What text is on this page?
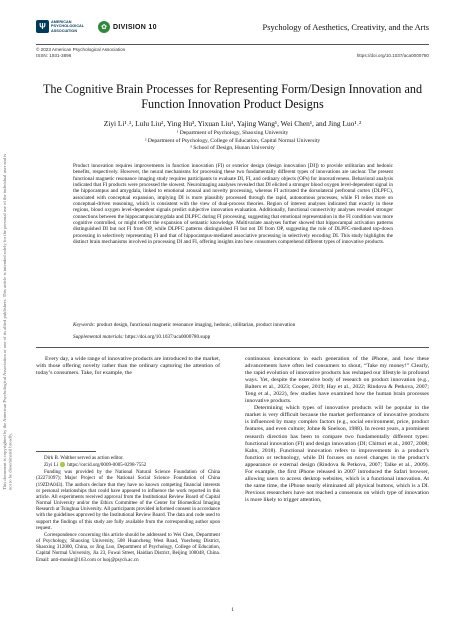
This document is copyrighted by the American Psychological Association or one of its allied publishers. This article is intended solely for the personal use of the individual user and is not to be disseminated broadly.
Ψ	AMERICAN PSYCHOLOGICAL ASSOCIATION	✿ DIVISION 10	Psychology of Aesthetics, Creativity, and the Arts
© 2023 American Psychological Association
ISSN: 1931-3896	https://doi.org/10.1037/aca0000780
The Cognitive Brain Processes for Representing Form/Design Innovation and Function Innovation Product Designs
Ziyi Li¹˒², Lulu Liu², Ying Hu³, Yixuan Liu¹, Yajing Wang¹, Wei Chen¹, and Jing Luo¹˒²
¹ Department of Psychology, Shaoxing University
² Department of Psychology, College of Education, Capital Normal University
³ School of Design, Hunan University
Product innovation requires improvements in function innovation (FI) or exterior design (design innovation [DI]) to provide utilitarian and hedonic benefits, respectively. However, the neural mechanisms for processing these two fundamentally different types of innovations are unclear. The present functional magnetic resonance imaging study requires participants to evaluate DI, FI, and ordinary objects (OPs) for innovativeness. Behavioral analysis indicated that FI products were processed the slowest. Neuroimaging analyses revealed that DI elicited a stronger blood oxygen level-dependent signal in the hippocampus and amygdala, linked to emotional arousal and novelty processing, whereas FI activated the dorsolateral prefrontal cortex (DLPFC), associated with conceptual expansion, implying DI is more plausibly processed through the rapid, autonomous processes, while FI relies more on conceptual-driven reasoning, which is consistent with the view of dual-process theories. Region of interest analyses indicated that exactly in these regions, blood oxygen level-dependent signals predict subjective innovation evaluation. Additionally, functional connectivity analyses revealed stronger connections between the hippocampus/amygdala and DLPFC during FI processing, suggesting that emotional representation in the FI condition was more cognitive controlled, or might reflect the expansion of semantic knowledge. Multivariate analyses further showed that hippocampal activation patterns distinguished DI but not FI from OP, while DLPFC patterns distinguished FI but not DI from OP, suggesting the role of DLPFC-mediated top-down processing in selectively representing FI and that of hippocampus-mediated associative processing in selectively encoding DI. This study highlights the distinct brain mechanisms involved in processing DI and FI, offering insights into how consumers comprehend different types of innovative products.
Keywords: product design, functional magnetic resonance imaging, hedonic, utilitarian, product innovation
Supplemental materials: https://doi.org/10.1037/aca0000780.supp

Every day, a wide range of innovative products are introduced to the market, with those offering novelty rather than the ordinary capturing the attention of today’s consumers. Take, for example, the

Dirk B. Walther served as action editor.

Ziyi Li https://orcid.org/0009-0005-0298-7552

Funding was provided by the National Natural Science Foundation of China (32271097); Major Project of the National Social Science Foundation of China (19ZDA043). The authors declare that they have no known competing financial interests or personal relationships that could have appeared to influence the work reported in this article. All experiments received approval from the Institutional Review Board of Capital Normal University and/or the Ethics Committee of the Center for Biomedical Imaging Research at Tsinghua University. All participants provided informed consent in accordance with the guidelines approved by the Institutional Review Board. The data and code used to support the findings of this study are fully available from the corresponding author upon request.

Correspondence concerning this article should be addressed to Wei Chen, Department of Psychology, Shaoxing University, 508 Huancheng West Road, Yuecheng District, Shaoxing 312000, China, or Jing Luo, Department of Psychology, College of Education, Capital Normal University, Jia 23, Fuwai Street, Haidian District, Beijing 100048, China. Email: anti-monist@163.com or luoj@psych.ac.cn

continuous innovations in each generation of the iPhone, and how these advancements have often led consumers to shout, “Take my money!” Clearly, the rapid evolution of innovative products has reshaped our lifestyle in profound ways. Yet, despite the extensive body of research on product innovation (e.g., Balters et al., 2023; Cooper, 2019; Hay et al., 2022; Rindova & Petkova, 2007; Teng et al., 2022), few studies have examined how the human brain processes innovative products.

Determining which types of innovative products will be popular in the market is very difficult because the market performance of innovative products is influenced by many complex factors (e.g., social environment, price, product features, and even culture; Johne & Snelson, 1988). In recent years, a prominent research direction has been to compare two fundamentally different types: functional innovation (FI) and design innovation (DI; Chitturi et al., 2007, 2008; Kahn, 2018). Functional innovation refers to improvements in a product’s function or technology, while DI focuses on novel changes in the product’s appearance or external design (Rindova & Petkova, 2007; Talke et al., 2009). For example, the first iPhone released in 2007 introduced the Safari browser, allowing users to access desktop websites, which is a functional innovation. At the same time, the iPhone nearly eliminated all physical buttons, which is a DI. Previous researchers have not reached a consensus on which type of innovation is more likely to trigger attention,

1
